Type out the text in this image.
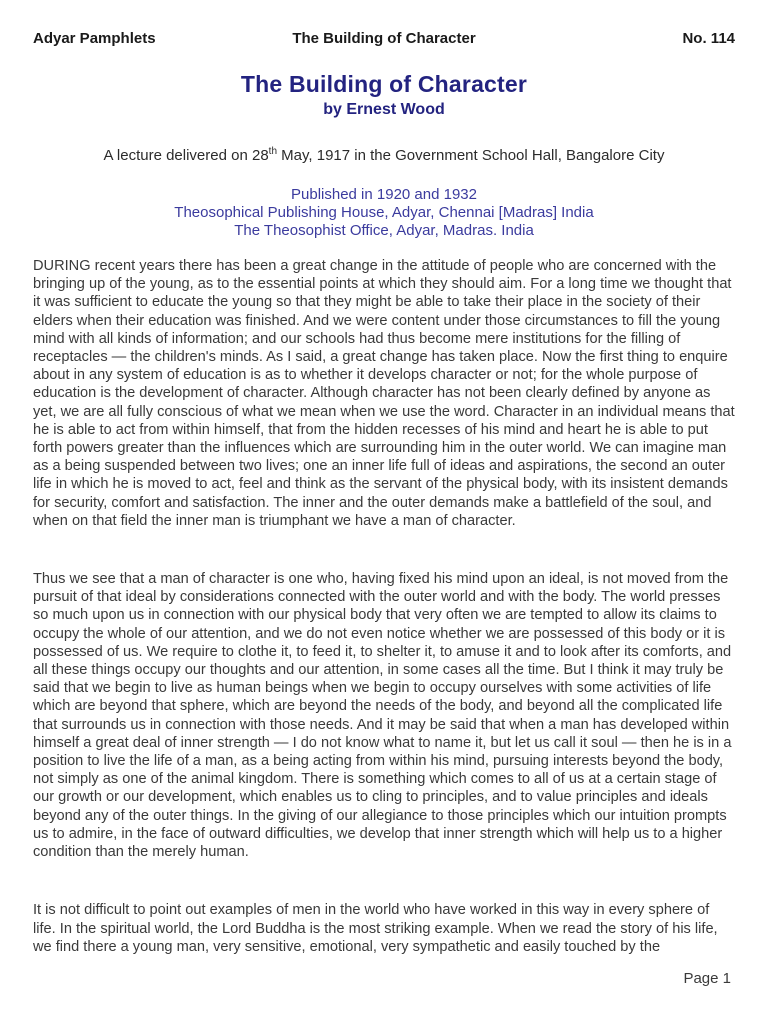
Adyar Pamphlets	The Building of Character	No. 114
The Building of Character
by Ernest Wood
A lecture delivered on 28th May, 1917 in the Government School Hall, Bangalore City
Published in 1920 and 1932
Theosophical Publishing House, Adyar, Chennai [Madras] India
The Theosophist Office, Adyar, Madras. India

DURING recent years there has been a great change in the attitude of people who are concerned with the bringing up of the young, as to the essential points at which they should aim. For a long time we thought that it was sufficient to educate the young so that they might be able to take their place in the society of their elders when their education was finished. And we were content under those circumstances to fill the young mind with all kinds of information; and our schools had thus become mere institutions for the filling of receptacles — the children's minds. As I said, a great change has taken place. Now the first thing to enquire about in any system of education is as to whether it develops character or not; for the whole purpose of education is the development of character. Although character has not been clearly defined by anyone as yet, we are all fully conscious of what we mean when we use the word. Character in an individual means that he is able to act from within himself, that from the hidden recesses of his mind and heart he is able to put forth powers greater than the influences which are surrounding him in the outer world. We can imagine man as a being suspended between two lives; one an inner life full of ideas and aspirations, the second an outer life in which he is moved to act, feel and think as the servant of the physical body, with its insistent demands for security, comfort and satisfaction. The inner and the outer demands make a battlefield of the soul, and when on that field the inner man is triumphant we have a man of character.

Thus we see that a man of character is one who, having fixed his mind upon an ideal, is not moved from the pursuit of that ideal by considerations connected with the outer world and with the body. The world presses so much upon us in connection with our physical body that very often we are tempted to allow its claims to occupy the whole of our attention, and we do not even notice whether we are possessed of this body or it is possessed of us. We require to clothe it, to feed it, to shelter it, to amuse it and to look after its comforts, and all these things occupy our thoughts and our attention, in some cases all the time. But I think it may truly be said that we begin to live as human beings when we begin to occupy ourselves with some activities of life which are beyond that sphere, which are beyond the needs of the body, and beyond all the complicated life that surrounds us in connection with those needs. And it may be said that when a man has developed within himself a great deal of inner strength — I do not know what to name it, but let us call it soul — then he is in a position to live the life of a man, as a being acting from within his mind, pursuing interests beyond the body, not simply as one of the animal kingdom. There is something which comes to all of us at a certain stage of our growth or our development, which enables us to cling to principles, and to value principles and ideals beyond any of the outer things. In the giving of our allegiance to those principles which our intuition prompts us to admire, in the face of outward difficulties, we develop that inner strength which will help us to a higher condition than the merely human.

It is not difficult to point out examples of men in the world who have worked in this way in every sphere of life. In the spiritual world, the Lord Buddha is the most striking example. When we read the story of his life, we find there a young man, very sensitive, emotional, very sympathetic and easily touched by the

Page 1
